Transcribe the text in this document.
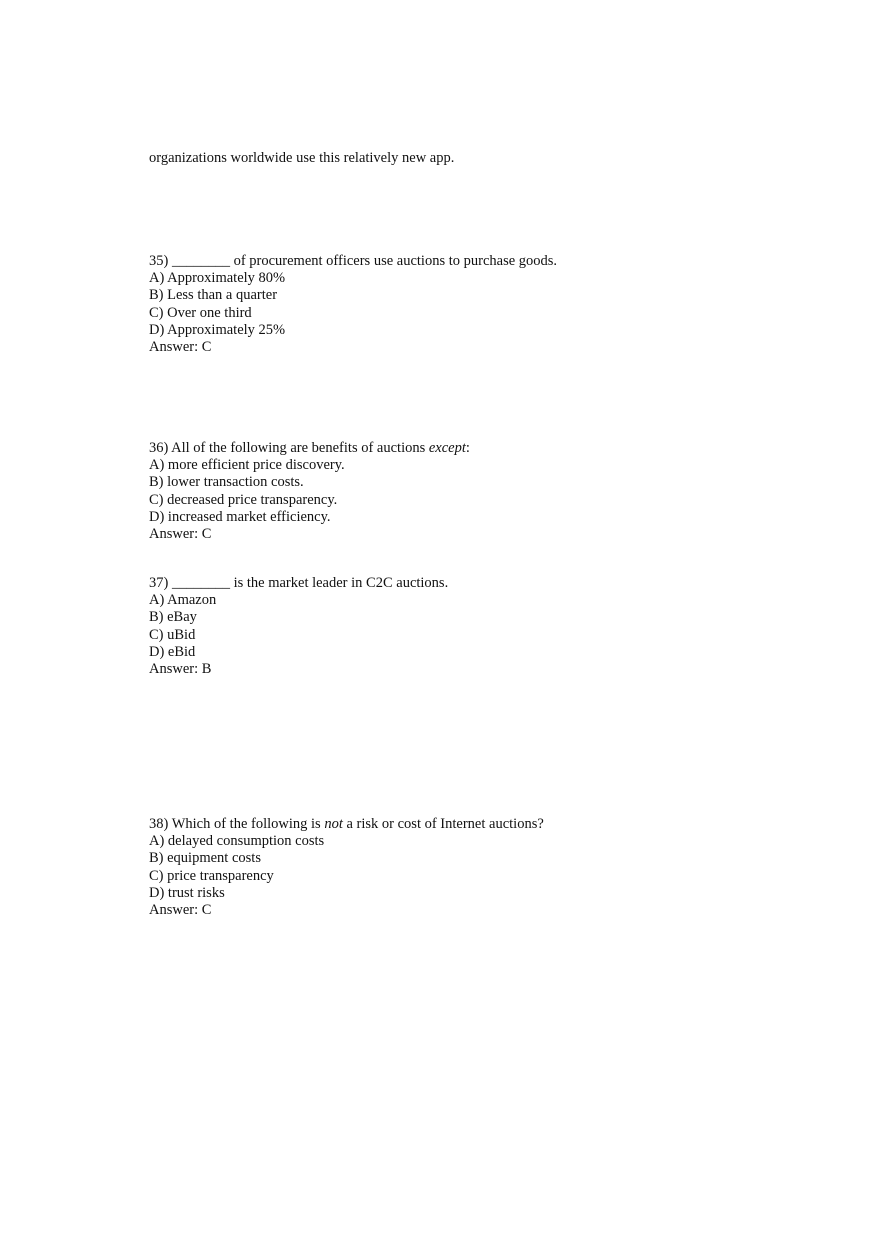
organizations worldwide use this relatively new app.
35) ________ of procurement officers use auctions to purchase goods.
A) Approximately 80%
B) Less than a quarter
C) Over one third
D) Approximately 25%
Answer: C
36) All of the following are benefits of auctions except:
A) more efficient price discovery.
B) lower transaction costs.
C) decreased price transparency.
D) increased market efficiency.
Answer: C
37) ________ is the market leader in C2C auctions.
A) Amazon
B) eBay
C) uBid
D) eBid
Answer: B
38) Which of the following is not a risk or cost of Internet auctions?
A) delayed consumption costs
B) equipment costs
C) price transparency
D) trust risks
Answer: C
